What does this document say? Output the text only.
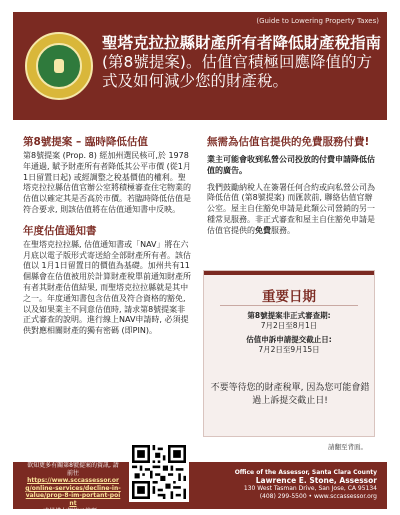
(Guide to Lowering Property Taxes)
聖塔克拉拉縣財產所有者降低財產稅指南
(第8號提案)。估值官積極回應降值的方式及如何減少您的財產稅。
第8號提案 – 臨時降低估值
第8號提案 (Prop. 8) 經加州選民核可,於 1978年通過, 賦予財產所有者降低其公平市價 (從1月1日留置日起) 或經調整之稅基價值的權利。聖塔克拉拉縣估值官辦公室將積極審查住宅物業的估值以確定其是否高於市價。若臨時降低估值是符合要求, 則該估值將在估值通知書中反映。
年度估值通知書
在聖塔克拉拉縣, 估值通知書或「NAV」將在六月底以電子版形式寄送給全部財產所有者。該估值以 1月1日留置日的價值為基礎。加州共有11個縣會在估值被用於計算財產稅單前通知財產所有者其財產估值結果, 而聖塔克拉拉縣就是其中之一。年度通知書包含估值及符合資格的豁免, 以及如果業主不同意估值時, 請求第8號提案非正式審查的說明。進行線上NAV申請時, 必須提供對應相關財產的獨有密碼 (即PIN)。
無需為估值官提供的免費服務付費!
業主可能會收到私營公司投放的付費申請降低估值的廣告。
我們鼓勵納稅人在簽署任何合約或向私營公司為降低估值 (第8號提案) 而匯款前, 聯絡估值官辦公室。屋主自住豁免申請是此類公司營銷的另一種常見服務。非正式審查和屋主自住豁免申請是估值官提供的免費服務。
重要日期
第8號提案非正式審查期:
7月2日至8月1日
估值申訴申請提交截止日:
7月2日至9月15日
不要等待您的財產稅單, 因為您可能會錯過上訴提交截止日!
請翻至背面。
欲知更多有關第8號提案的資訊, 請前往
https://www.sccassessor.org/online-services/decline-in-value/prop-8-im-portant-point
或掃描右側的二維碼。
Office of the Assessor, Santa Clara County
Lawrence E. Stone, Assessor
130 West Tasman Drive, San Jose, CA 95134
(408) 299-5500 • www.sccassessor.org
